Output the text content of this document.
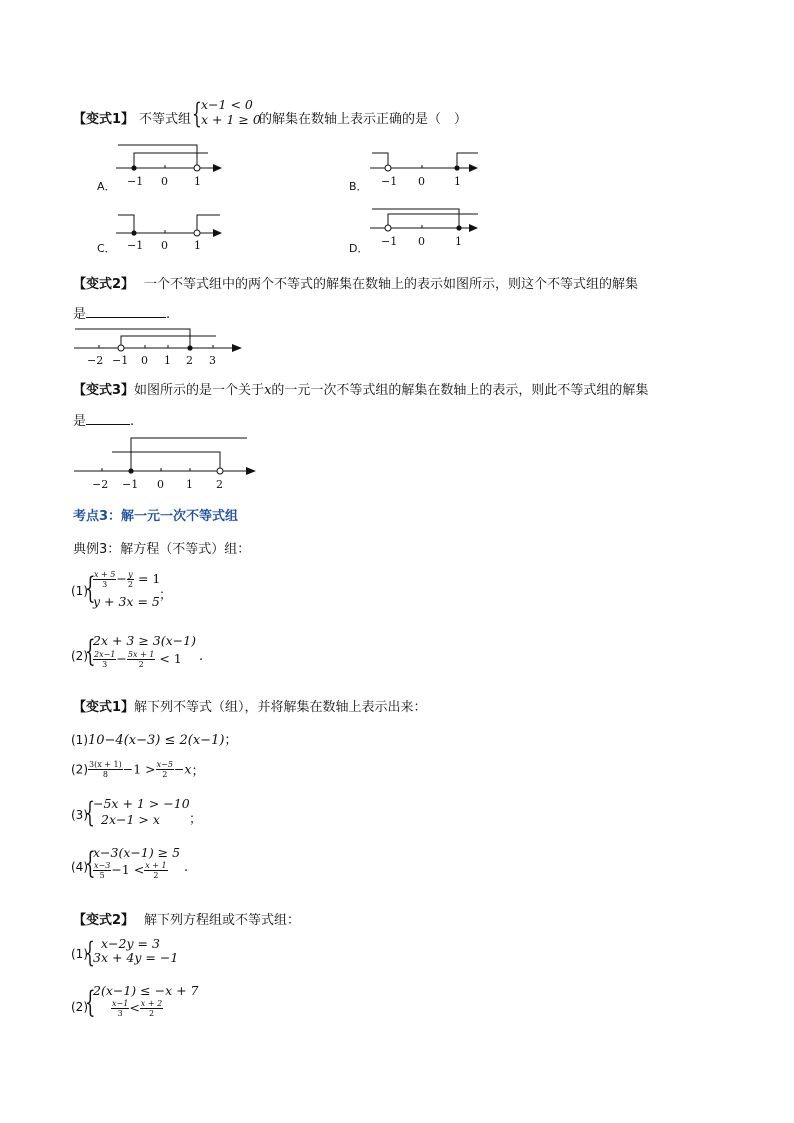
【变式1】 不等式组 { x−1 < 0
x + 1 ≥ 0
的解集在数轴上表示正确的是（　）
A． −1 0 1	B． −1 0	1
C． −1 0 1	D．
−1 0	1
【变式2】 一个不等式组中的两个不等式的解集在数轴上的表示如图所示，则这个不等式组的解集
是	.
−2 −1 0 1 2 3
【变式3】如图所示的是一个关于x的一元一次不等式组的解集在数轴上的表示，则此不等式组的解集
是	.
−2 −1 0 1 2
考点3：解一元一次不等式组
典例3：解方程（不等式）组：
(1)
{
$\frac{x + 5}{3} - \frac{y}{2} = 1$
y + 3x = 5 ；
(2)
{
2x + 3 ≥ 3(x−1)
$\frac{2x-1}{3} - \frac{5x + 1}{2} < 1$ .
【变式1】解下列不等式（组），并将解集在数轴上表示出来：
(1)10−4(x−3) ≤ 2(x−1)；
$(2) \frac{3(x + 1)}{8} -1 > \frac{x-5}{2} -x$；
(3)
{
−5x + 1 > −10
2x−1 > x ；
(4)
{
x−3(x−1) ≥ 5
$\frac{x-3}{5} -1 < \frac{x + 1}{2}$ .
【变式2】 解下列方程组或不等式组：
(1)
{ x−2y = 3
3x + 4y = −1
(2)
{
2(x−1) ≤ −x + 7
$\frac{x-1}{3} < \frac{x + 2}{2}$
